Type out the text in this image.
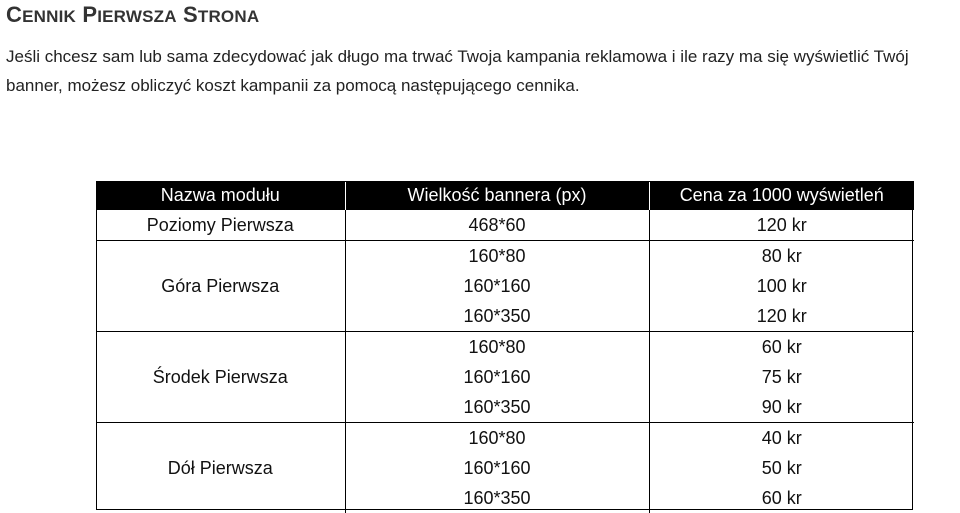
CENNIK PIERWSZA STRONA
Jeśli chcesz sam lub sama zdecydować jak długo ma trwać Twoja kampania reklamowa i ile razy ma się wyświetlić Twój banner, możesz obliczyć koszt kampanii za pomocą następującego cennika.
Nazwa modułu	Wielkość bannera (px)	Cena za 1000 wyświetleń
Poziomy Pierwsza	468*60	120 kr
Góra Pierwsza	160*80	80 kr
	160*160	100 kr
	160*350	120 kr
Środek Pierwsza	160*80	60 kr
	160*160	75 kr
	160*350	90 kr
Dół Pierwsza	160*80	40 kr
	160*160	50 kr
	160*350	60 kr
